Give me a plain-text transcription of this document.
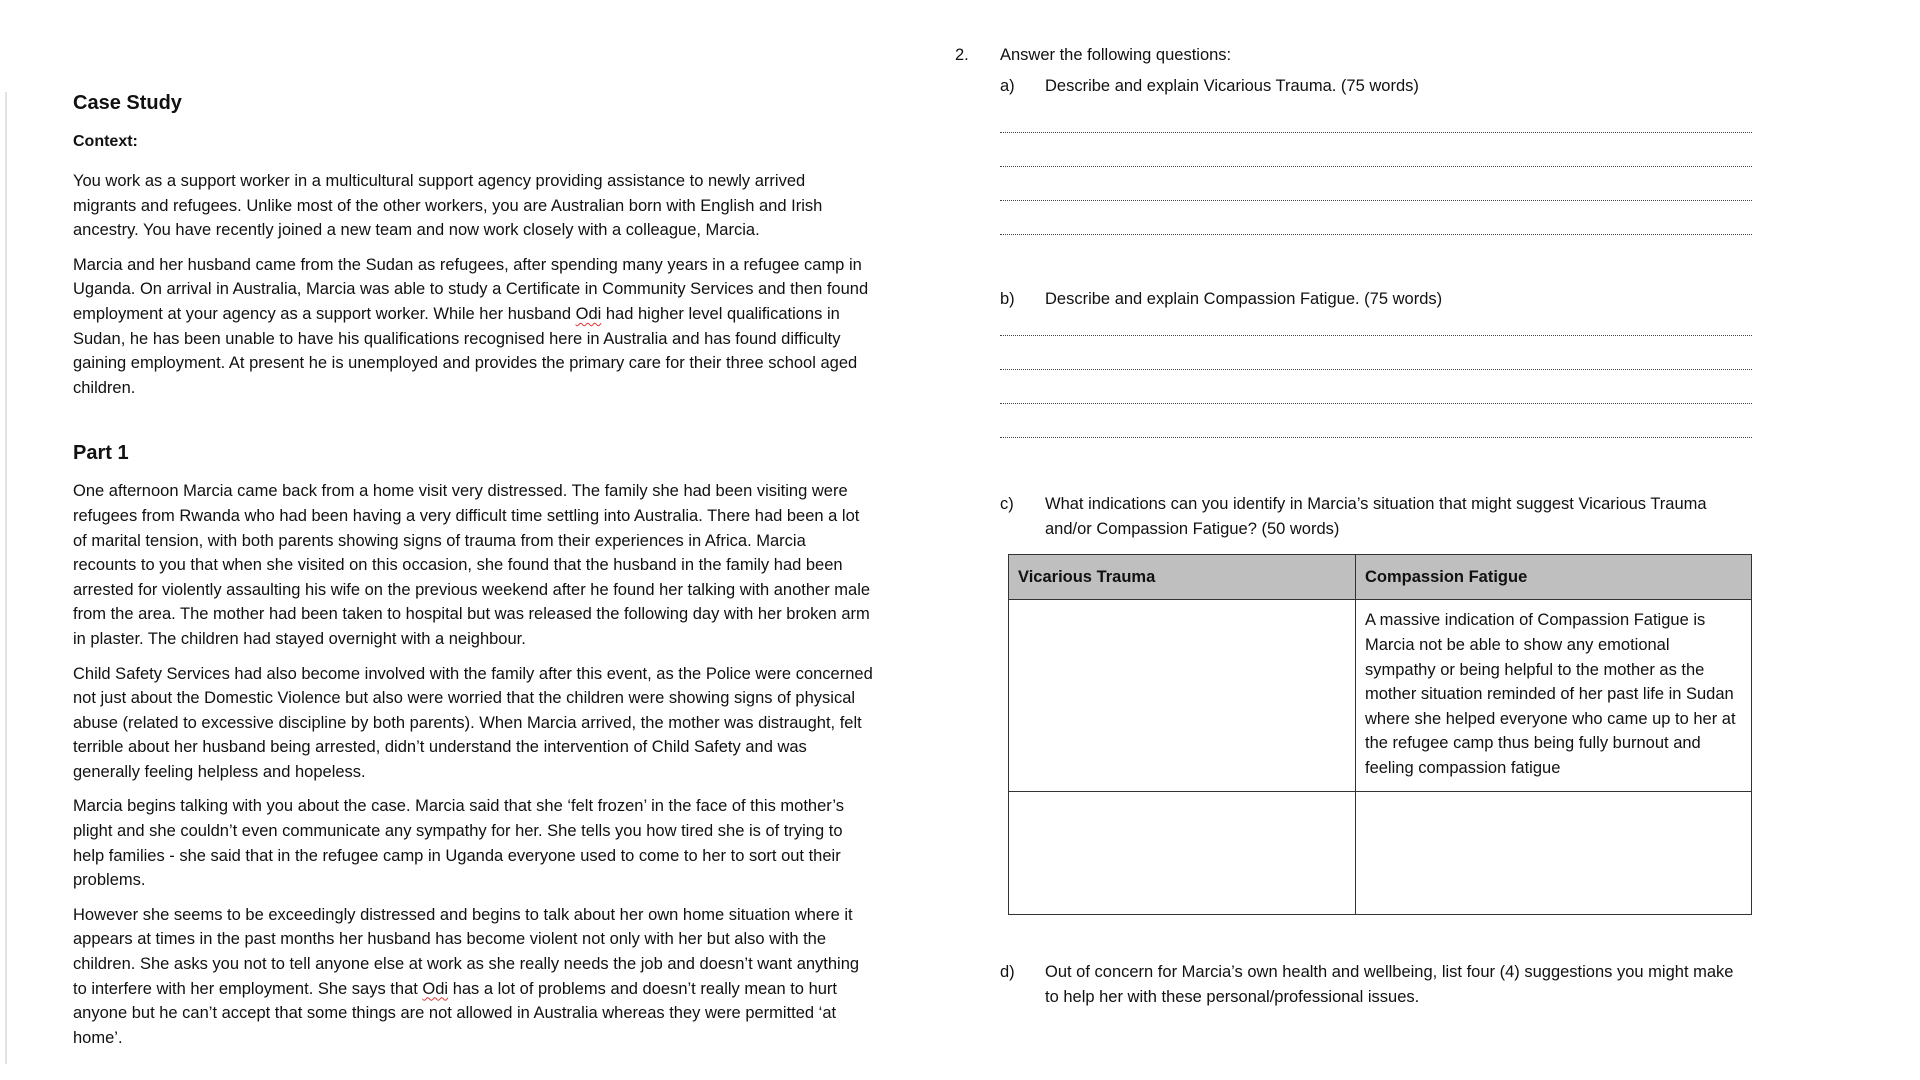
Case Study
Context:

You work as a support worker in a multicultural support agency providing assistance to newly arrived migrants and refugees. Unlike most of the other workers, you are Australian born with English and Irish ancestry. You have recently joined a new team and now work closely with a colleague, Marcia.

Marcia and her husband came from the Sudan as refugees, after spending many years in a refugee camp in Uganda. On arrival in Australia, Marcia was able to study a Certificate in Community Services and then found employment at your agency as a support worker. While her husband Odi had higher level qualifications in Sudan, he has been unable to have his qualifications recognised here in Australia and has found difficulty gaining employment. At present he is unemployed and provides the primary care for their three school aged children.

Part 1

One afternoon Marcia came back from a home visit very distressed. The family she had been visiting were refugees from Rwanda who had been having a very difficult time settling into Australia. There had been a lot of marital tension, with both parents showing signs of trauma from their experiences in Africa. Marcia recounts to you that when she visited on this occasion, she found that the husband in the family had been arrested for violently assaulting his wife on the previous weekend after he found her talking with another male from the area. The mother had been taken to hospital but was released the following day with her broken arm in plaster. The children had stayed overnight with a neighbour.

Child Safety Services had also become involved with the family after this event, as the Police were concerned not just about the Domestic Violence but also were worried that the children were showing signs of physical abuse (related to excessive discipline by both parents). When Marcia arrived, the mother was distraught, felt terrible about her husband being arrested, didn’t understand the intervention of Child Safety and was generally feeling helpless and hopeless.

Marcia begins talking with you about the case. Marcia said that she ‘felt frozen’ in the face of this mother’s plight and she couldn’t even communicate any sympathy for her. She tells you how tired she is of trying to help families - she said that in the refugee camp in Uganda everyone used to come to her to sort out their problems.

However she seems to be exceedingly distressed and begins to talk about her own home situation where it appears at times in the past months her husband has become violent not only with her but also with the children. She asks you not to tell anyone else at work as she really needs the job and doesn’t want anything to interfere with her employment. She says that Odi has a lot of problems and doesn’t really mean to hurt anyone but he can’t accept that some things are not allowed in Australia whereas they were permitted ‘at home’.

2.	Answer the following questions:
a)	Describe and explain Vicarious Trauma. (75 words)
b)	Describe and explain Compassion Fatigue. (75 words)
c)	What indications can you identify in Marcia’s situation that might suggest Vicarious Trauma and/or Compassion Fatigue? (50 words)
Vicarious Trauma	Compassion Fatigue
	A massive indication of Compassion Fatigue is Marcia not be able to show any emotional sympathy or being helpful to the mother as the mother situation reminded of her past life in Sudan where she helped everyone who came up to her at the refugee camp thus being fully burnout and feeling compassion fatigue

d)	Out of concern for Marcia’s own health and wellbeing, list four (4) suggestions you might make to help her with these personal/professional issues.
